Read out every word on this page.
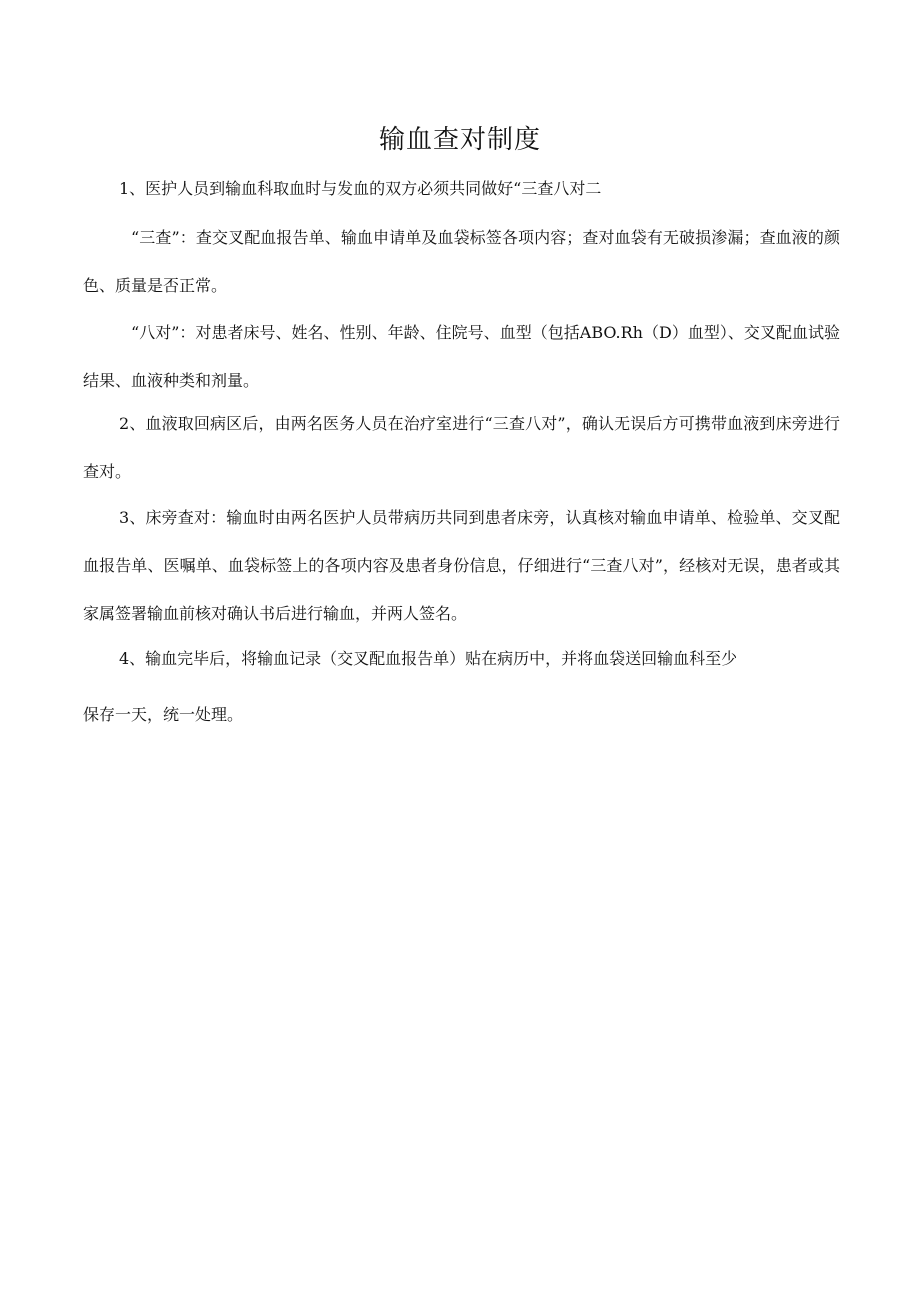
输血查对制度

1、医护人员到输血科取血时与发血的双方必须共同做好“三查八对二

“三查”：查交叉配血报告单、输血申请单及血袋标签各项内容；查对血袋有无破损渗漏；查血液的颜色、质量是否正常。

“八对”：对患者床号、姓名、性别、年龄、住院号、血型（包括ABO.Rh（D）血型）、交叉配血试验结果、血液种类和剂量。

2、血液取回病区后，由两名医务人员在治疗室进行“三查八对”，确认无误后方可携带血液到床旁进行查对。

3、床旁查对：输血时由两名医护人员带病历共同到患者床旁，认真核对输血申请单、检验单、交叉配血报告单、医嘱单、血袋标签上的各项内容及患者身份信息，仔细进行“三查八对”，经核对无误，患者或其家属签署输血前核对确认书后进行输血，并两人签名。

4、输血完毕后，将输血记录（交叉配血报告单）贴在病历中，并将血袋送回输血科至少

保存一天，统一处理。
